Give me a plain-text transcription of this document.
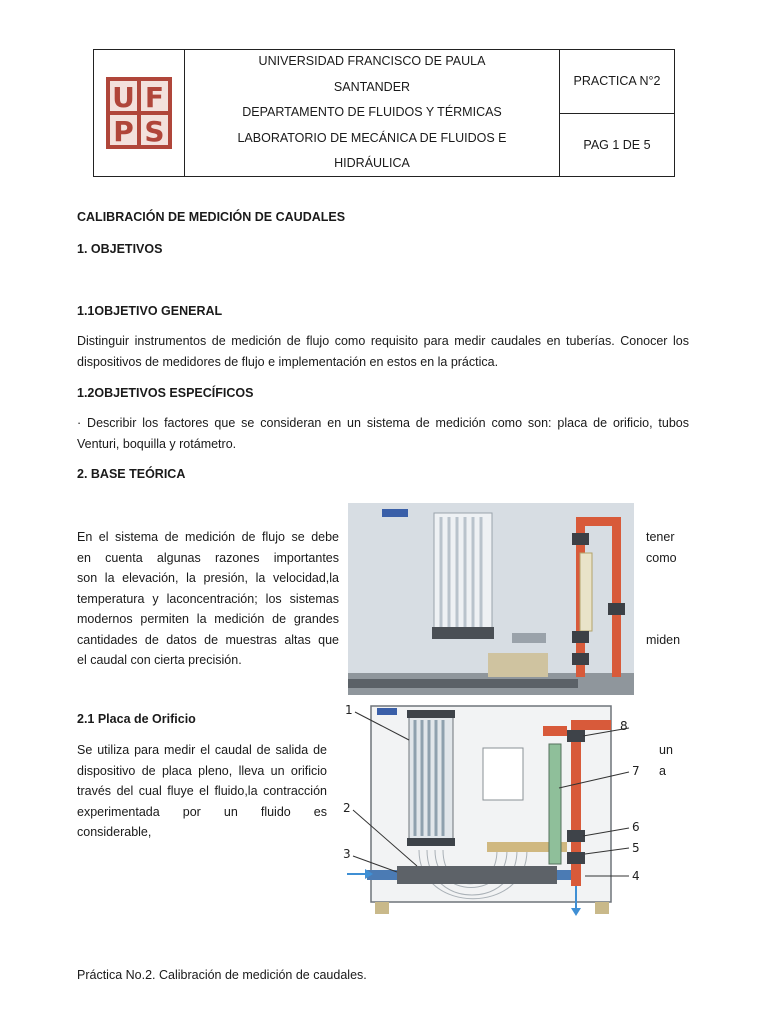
U F
P S
UNIVERSIDAD FRANCISCO DE PAULA
SANTANDER
DEPARTAMENTO DE FLUIDOS Y TÉRMICAS
LABORATORIO DE MECÁNICA DE FLUIDOS E
HIDRÁULICA
PRACTICA N°2
PAG 1 DE 5
CALIBRACIÓN DE MEDICIÓN DE CAUDALES
1. OBJETIVOS
1.1OBJETIVO GENERAL
Distinguir instrumentos de medición de flujo como requisito para medir caudales en tuberías. Conocer los dispositivos de medidores de flujo e implementación en estos en la práctica.
1.2OBJETIVOS ESPECÍFICOS
· Describir los factores que se consideran en un sistema de medición como son: placa de orificio, tubos Venturi, boquilla y rotámetro.
2. BASE TEÓRICA
En el sistema de medición de flujo se debe
en cuenta algunas razones importantes
son la elevación, la presión, la velocidad,la
temperatura y laconcentración; los sistemas
modernos permiten la medición de grandes
cantidades de datos de muestras altas que
el caudal con cierta precisión.
tener
como
miden
2.1 Placa de Orificio
Se utiliza para medir el caudal de salida de
dispositivo de placa pleno, lleva un orificio
través del cual fluye el fluido,la contracción
experimentada por un fluido es
considerable,
un
a
1
2
3
4
5
6
7
8
Práctica No.2. Calibración de medición de caudales.
